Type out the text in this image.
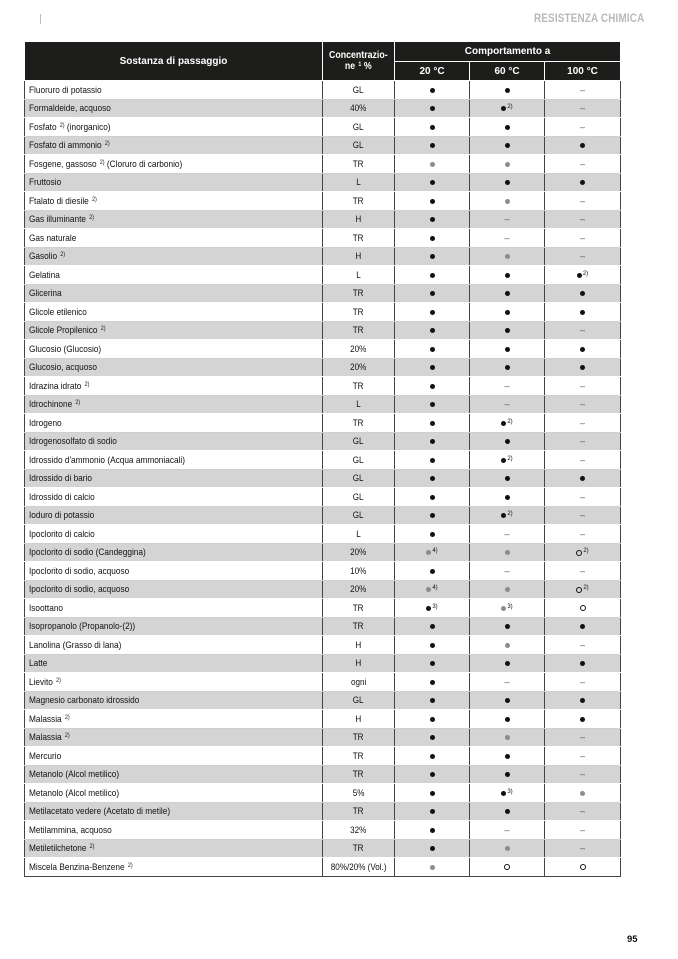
RESISTENZA CHIMICA
Sostanza di passaggio	Concentrazio-
ne $^1$ %	Comportamento a		
		20 °C	60 °C	100 °C
Fluoruro di potassio	GL			–
Formaldeide, acquoso	40%		$^{2)}$	–
Fosfato $^{2)}$ (inorganico)	GL			–
Fosfato di ammonio $^{2)}$	GL			
Fosgene, gassoso $^{2)}$ (Cloruro di carbonio)	TR			–
Fruttosio	L			
Ftalato di diesile $^{2)}$	TR			–
Gas illuminante $^{2)}$	H		–	–
Gas naturale	TR		–	–
Gasolio $^{2)}$	H			–
Gelatina	L			$^{2)}$
Glicerina	TR			
Glicole etilenico	TR			
Glicole Propilenico $^{2)}$	TR			–
Glucosio (Glucosio)	20%			
Glucosio, acquoso	20%			
Idrazina idrato $^{2)}$	TR		–	–
Idrochinone $^{2)}$	L		–	–
Idrogeno	TR		$^{2)}$	–
Idrogenosolfato di sodio	GL			–
Idrossido d'ammonio (Acqua ammoniacali)	GL		$^{2)}$	–
Idrossido di bario	GL			
Idrossido di calcio	GL			–
Ioduro di potassio	GL		$^{2)}$	–
Ipoclorito di calcio	L		–	–
Ipoclorito di sodio (Candeggina)	20%	$^{4)}$		$^{2)}$
Ipoclorito di sodio, acquoso	10%		–	–
Ipoclorito di sodio, acquoso	20%	$^{4)}$		$^{2)}$
Isoottano	TR	$^{3)}$	$^{3)}$	
Isopropanolo (Propanolo-(2))	TR			
Lanolina (Grasso di lana)	H			–
Latte	H			
Lievito $^{2)}$	ogni		–	–
Magnesio carbonato idrossido	GL			
Malassia $^{2)}$	H			
Malassia $^{2)}$	TR			–
Mercurio	TR			–
Metanolo (Alcol metilico)	TR			–
Metanolo (Alcol metilico)	5%		$^{3)}$	
Metilacetato vedere (Acetato di metile)	TR			–
Metilammina, acquoso	32%		–	–
Metiletilchetone $^{2)}$	TR			–
Miscela Benzina-Benzene $^{2)}$	80%/20% (Vol.)			
95
